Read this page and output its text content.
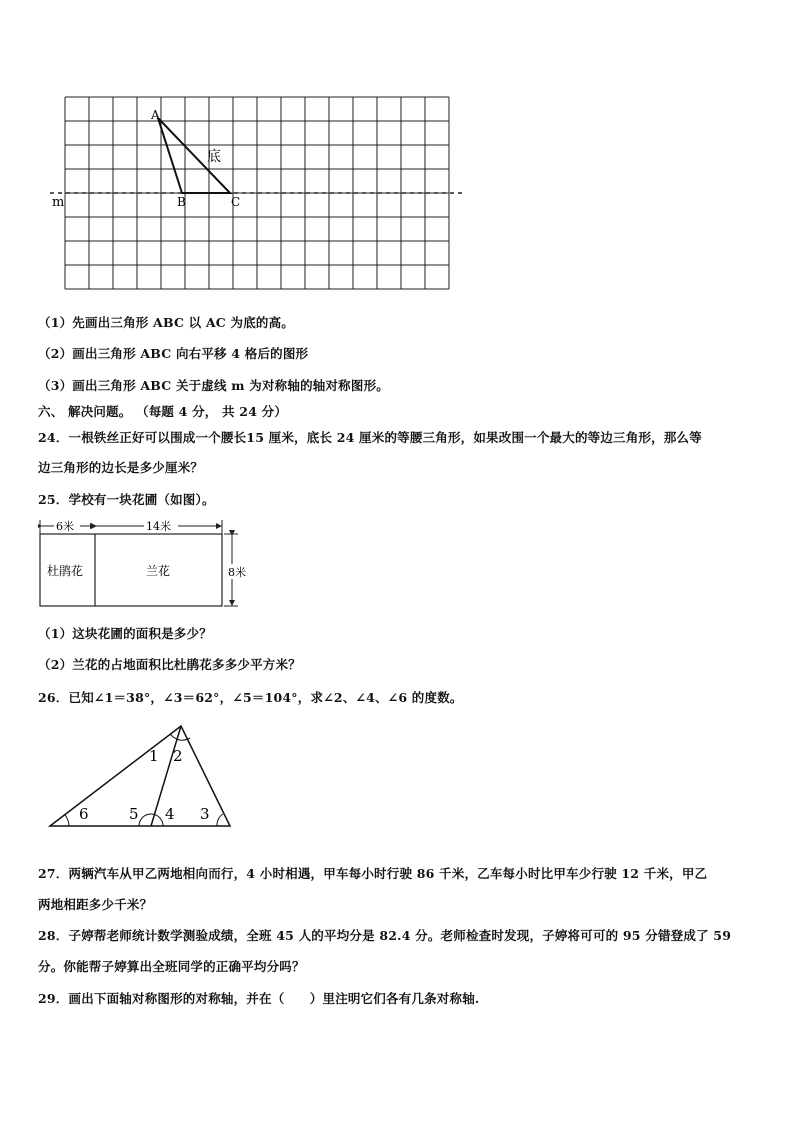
A
B	C
底
m
（1）先画出三角形 ABC 以 AC 为底的高。
（2）画出三角形 ABC 向右平移 4 格后的图形
（3）画出三角形 ABC 关于虚线 m 为对称轴的轴对称图形。
六、 解决问题。 （每题 4 分， 共 24 分）
24．一根铁丝正好可以围成一个腰长15 厘米，底长 24 厘米的等腰三角形，如果改围一个最大的等边三角形，那么等
边三角形的边长是多少厘米？
25．学校有一块花圃（如图）。
6米	14米
杜鹃花	兰花	8米
（1）这块花圃的面积是多少？
（2）兰花的占地面积比杜鹃花多多少平方米？
26．已知∠1＝38°，∠3＝62°，∠5＝104°，求∠2、∠4、∠6 的度数。
1 2
6	5 4 3
27．两辆汽车从甲乙两地相向而行，4 小时相遇，甲车每小时行驶 86 千米，乙车每小时比甲车少行驶 12 千米，甲乙
两地相距多少千米？
28．子婷帮老师统计数学测验成绩，全班 45 人的平均分是 82.4 分。老师检查时发现，子婷将可可的 95 分错登成了 59
分。你能帮子婷算出全班同学的正确平均分吗？
29．画出下面轴对称图形的对称轴，并在（　　）里注明它们各有几条对称轴.
